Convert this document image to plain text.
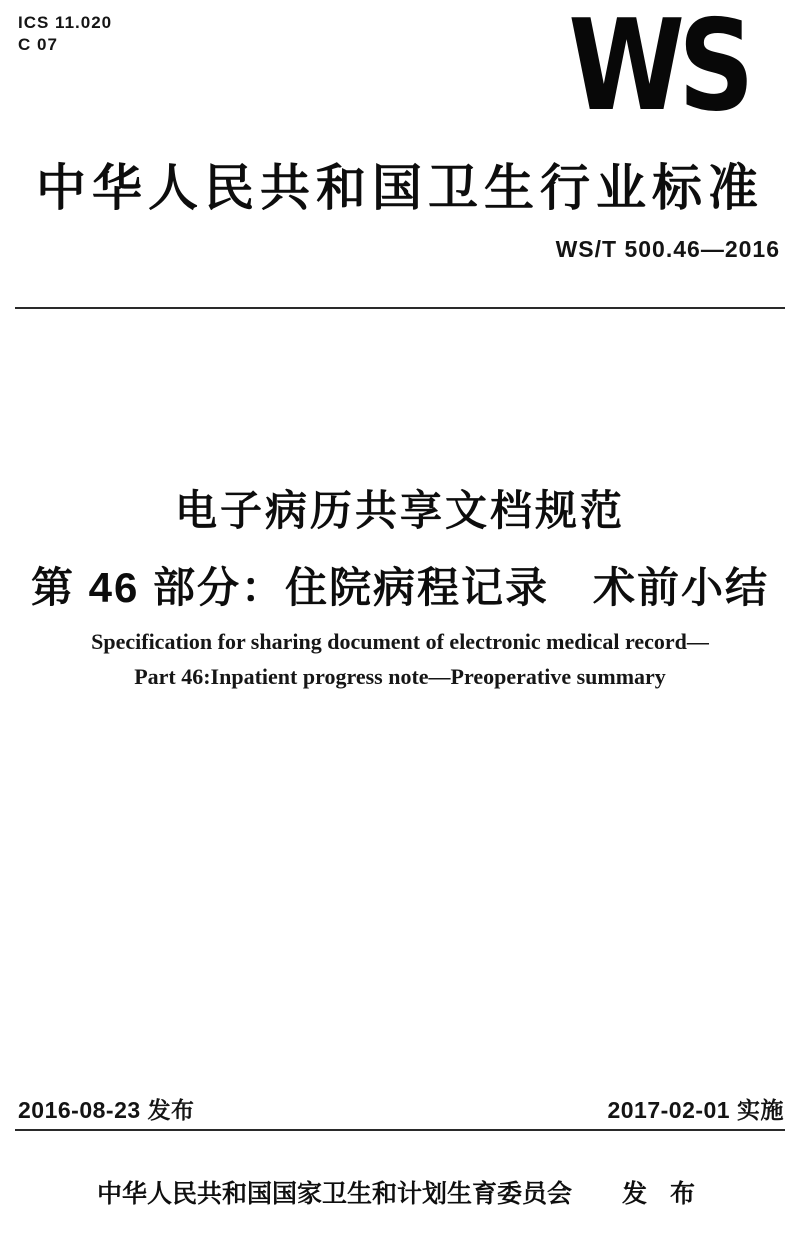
ICS 11.020
C 07	WS
中华人民共和国卫生行业标准
WS/T 500.46—2016
电子病历共享文档规范
第 46 部分：住院病程记录　术前小结
Specification for sharing document of electronic medical record—
Part 46:Inpatient progress note—Preoperative summary
2016-08-23 发布	2017-02-01 实施
中华人民共和国国家卫生和计划生育委员会 发 布
